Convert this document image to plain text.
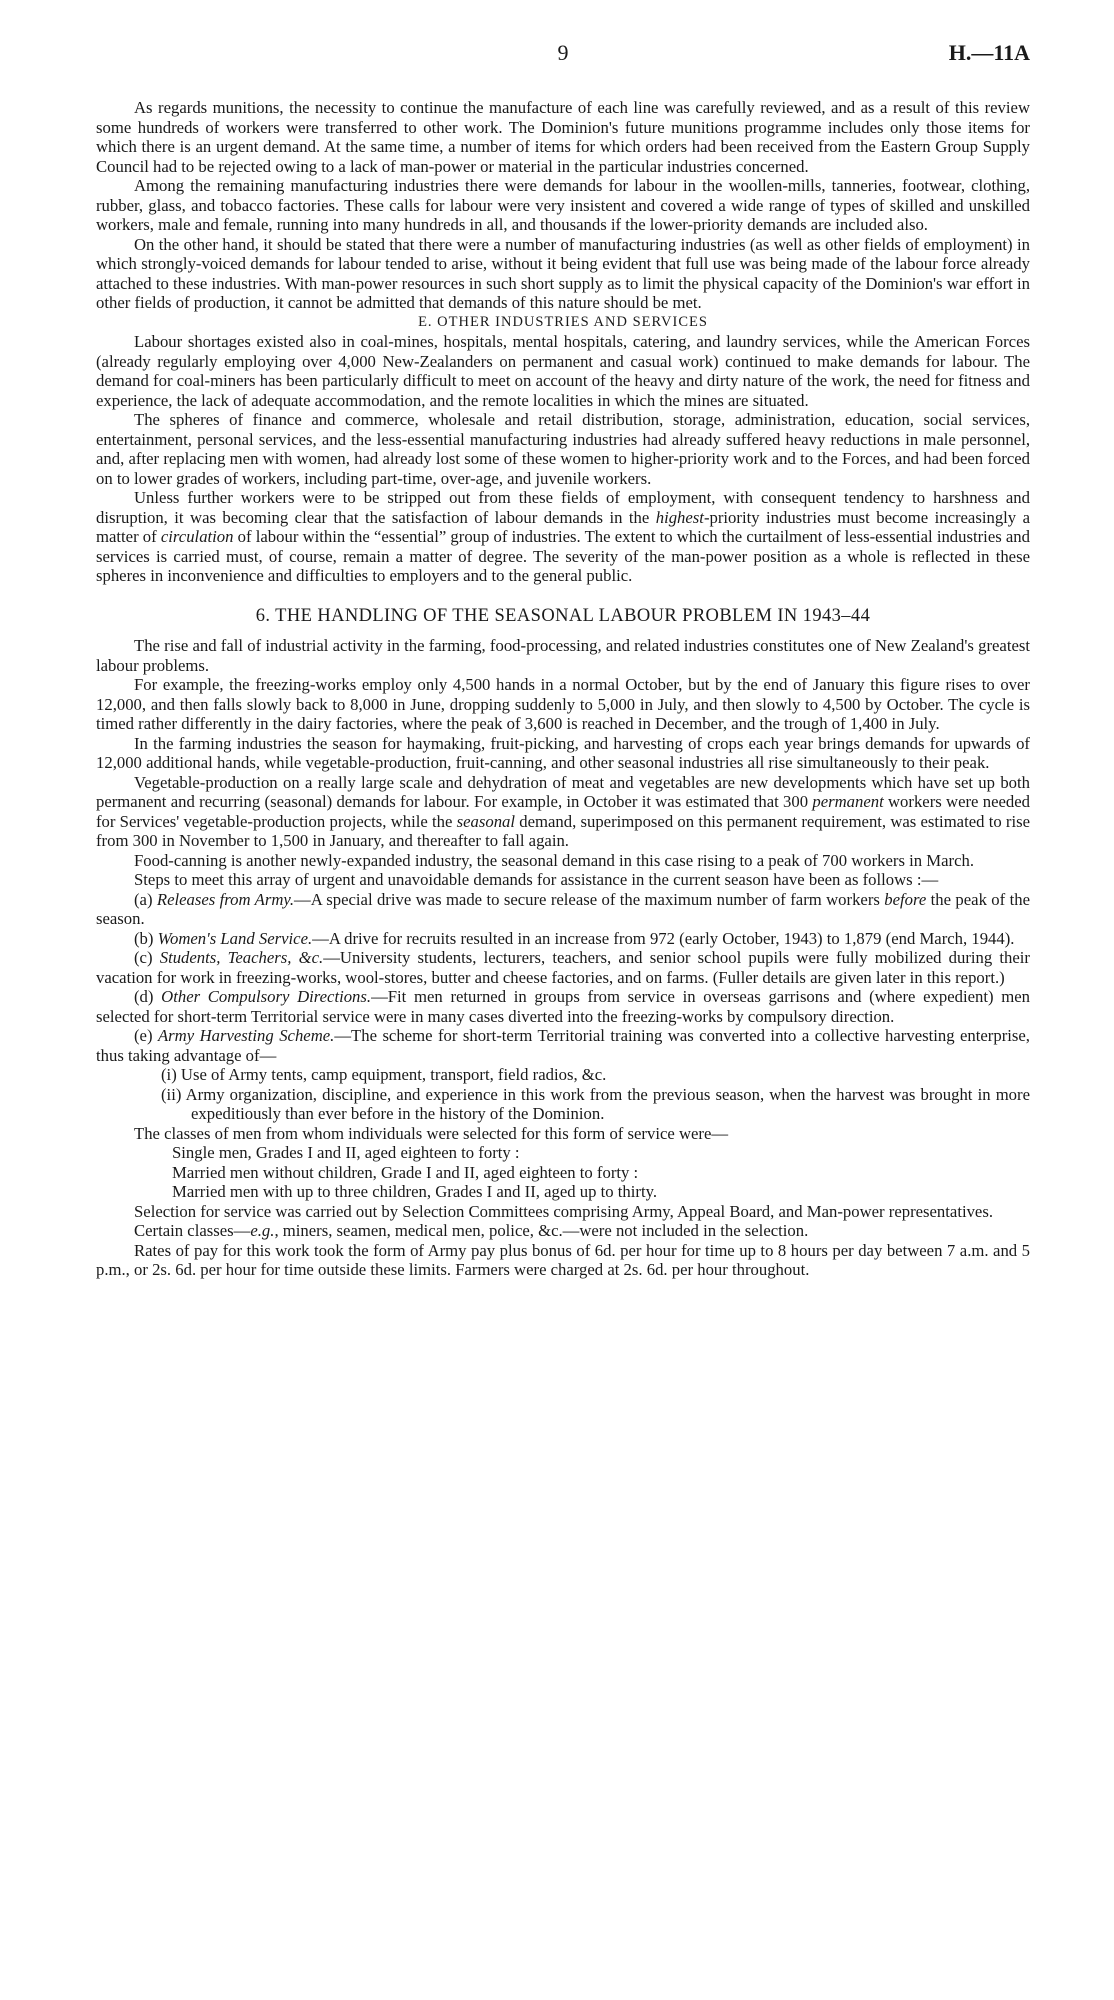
9	H.—11A

As regards munitions, the necessity to continue the manufacture of each line was carefully reviewed, and as a result of this review some hundreds of workers were transferred to other work. The Dominion's future munitions programme includes only those items for which there is an urgent demand. At the same time, a number of items for which orders had been received from the Eastern Group Supply Council had to be rejected owing to a lack of man-power or material in the particular industries concerned.

Among the remaining manufacturing industries there were demands for labour in the woollen-mills, tanneries, footwear, clothing, rubber, glass, and tobacco factories. These calls for labour were very insistent and covered a wide range of types of skilled and unskilled workers, male and female, running into many hundreds in all, and thousands if the lower-priority demands are included also.

On the other hand, it should be stated that there were a number of manufacturing industries (as well as other fields of employment) in which strongly-voiced demands for labour tended to arise, without it being evident that full use was being made of the labour force already attached to these industries. With man-power resources in such short supply as to limit the physical capacity of the Dominion's war effort in other fields of production, it cannot be admitted that demands of this nature should be met.

E. OTHER INDUSTRIES AND SERVICES

Labour shortages existed also in coal-mines, hospitals, mental hospitals, catering, and laundry services, while the American Forces (already regularly employing over 4,000 New-Zealanders on permanent and casual work) continued to make demands for labour. The demand for coal-miners has been particularly difficult to meet on account of the heavy and dirty nature of the work, the need for fitness and experience, the lack of adequate accommodation, and the remote localities in which the mines are situated.

The spheres of finance and commerce, wholesale and retail distribution, storage, administration, education, social services, entertainment, personal services, and the less-essential manufacturing industries had already suffered heavy reductions in male personnel, and, after replacing men with women, had already lost some of these women to higher-priority work and to the Forces, and had been forced on to lower grades of workers, including part-time, over-age, and juvenile workers.

Unless further workers were to be stripped out from these fields of employment, with consequent tendency to harshness and disruption, it was becoming clear that the satisfaction of labour demands in the highest-priority industries must become increasingly a matter of circulation of labour within the “essential” group of industries. The extent to which the curtailment of less-essential industries and services is carried must, of course, remain a matter of degree. The severity of the man-power position as a whole is reflected in these spheres in inconvenience and difficulties to employers and to the general public.

6. THE HANDLING OF THE SEASONAL LABOUR PROBLEM IN 1943–44

The rise and fall of industrial activity in the farming, food-processing, and related industries constitutes one of New Zealand's greatest labour problems.

For example, the freezing-works employ only 4,500 hands in a normal October, but by the end of January this figure rises to over 12,000, and then falls slowly back to 8,000 in June, dropping suddenly to 5,000 in July, and then slowly to 4,500 by October. The cycle is timed rather differently in the dairy factories, where the peak of 3,600 is reached in December, and the trough of 1,400 in July.

In the farming industries the season for haymaking, fruit-picking, and harvesting of crops each year brings demands for upwards of 12,000 additional hands, while vegetable-production, fruit-canning, and other seasonal industries all rise simultaneously to their peak.

Vegetable-production on a really large scale and dehydration of meat and vegetables are new developments which have set up both permanent and recurring (seasonal) demands for labour. For example, in October it was estimated that 300 permanent workers were needed for Services' vegetable-production projects, while the seasonal demand, superimposed on this permanent requirement, was estimated to rise from 300 in November to 1,500 in January, and thereafter to fall again.

Food-canning is another newly-expanded industry, the seasonal demand in this case rising to a peak of 700 workers in March.

Steps to meet this array of urgent and unavoidable demands for assistance in the current season have been as follows :—

(a) Releases from Army.—A special drive was made to secure release of the maximum number of farm workers before the peak of the season.

(b) Women's Land Service.—A drive for recruits resulted in an increase from 972 (early October, 1943) to 1,879 (end March, 1944).

(c) Students, Teachers, &c.—University students, lecturers, teachers, and senior school pupils were fully mobilized during their vacation for work in freezing-works, wool-stores, butter and cheese factories, and on farms. (Fuller details are given later in this report.)

(d) Other Compulsory Directions.—Fit men returned in groups from service in overseas garrisons and (where expedient) men selected for short-term Territorial service were in many cases diverted into the freezing-works by compulsory direction.

(e) Army Harvesting Scheme.—The scheme for short-term Territorial training was converted into a collective harvesting enterprise, thus taking advantage of—

(i) Use of Army tents, camp equipment, transport, field radios, &c.

(ii) Army organization, discipline, and experience in this work from the previous season, when the harvest was brought in more expeditiously than ever before in the history of the Dominion.

The classes of men from whom individuals were selected for this form of service were—

Single men, Grades I and II, aged eighteen to forty :

Married men without children, Grade I and II, aged eighteen to forty :

Married men with up to three children, Grades I and II, aged up to thirty.

Selection for service was carried out by Selection Committees comprising Army, Appeal Board, and Man-power representatives.

Certain classes—e.g., miners, seamen, medical men, police, &c.—were not included in the selection.

Rates of pay for this work took the form of Army pay plus bonus of 6d. per hour for time up to 8 hours per day between 7 a.m. and 5 p.m., or 2s. 6d. per hour for time outside these limits. Farmers were charged at 2s. 6d. per hour throughout.
